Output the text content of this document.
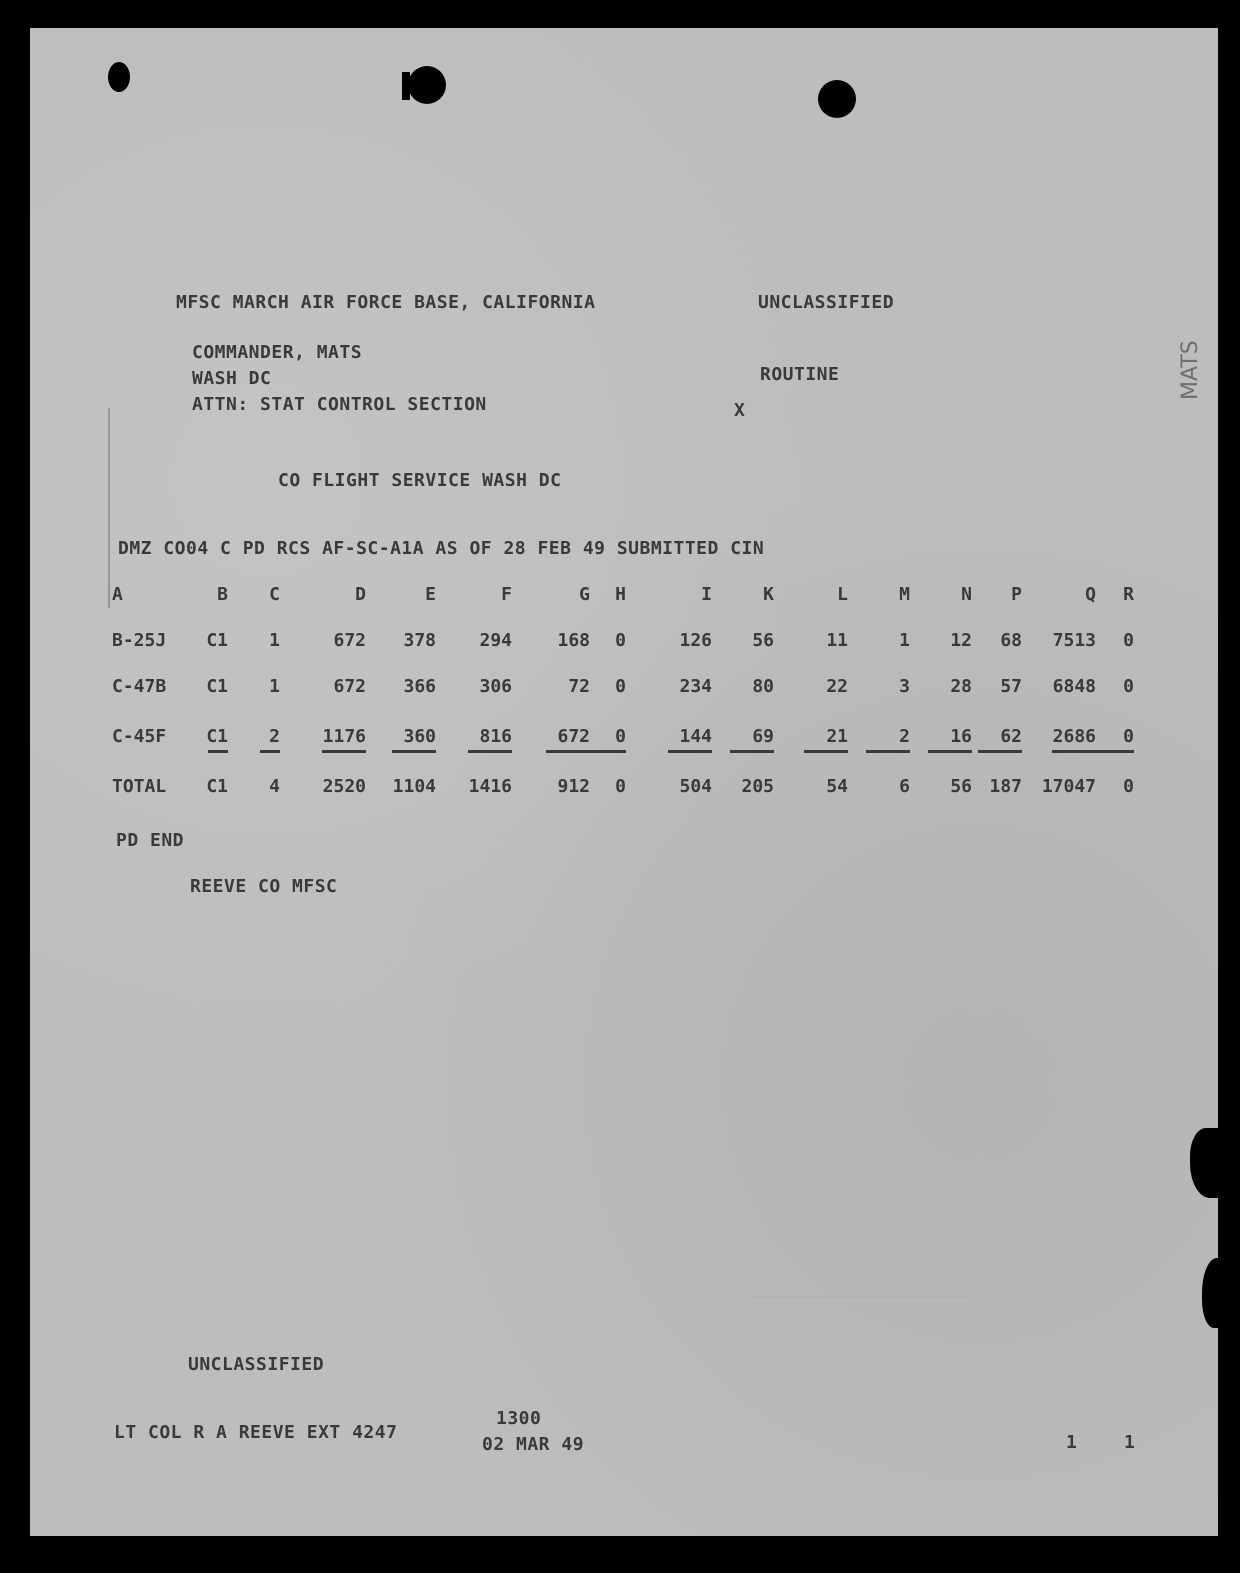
MFSC MARCH AIR FORCE BASE, CALIFORNIA	UNCLASSIFIED
COMMANDER, MATS
WASH DC
ATTN: STAT CONTROL SECTION
ROUTINE
X
CO FLIGHT SERVICE WASH DC
DMZ CO04 C PD RCS AF-SC-A1A AS OF 28 FEB 49 SUBMITTED CIN
PD END
REEVE CO MFSC
UNCLASSIFIED
LT COL R A REEVE EXT 4247
1300
02 MAR 49	1	1
MATS
A	B C	D	E	F	G H	I	K	L	M	N P	Q R
B-25J C1 1	672 378 294	168 0	126 56	11	1 12 68 7513 0
C-47B C1 1	672 366 306	72 0	234 80	22	3 28 57 6848 0
C-45F C1 2 1176 360 816	672 0	144 69	21	2 16 62 2686 0
TOTAL C1 4 2520 1104 1416	912 0	504 205	54	6 56 187 17047 0
